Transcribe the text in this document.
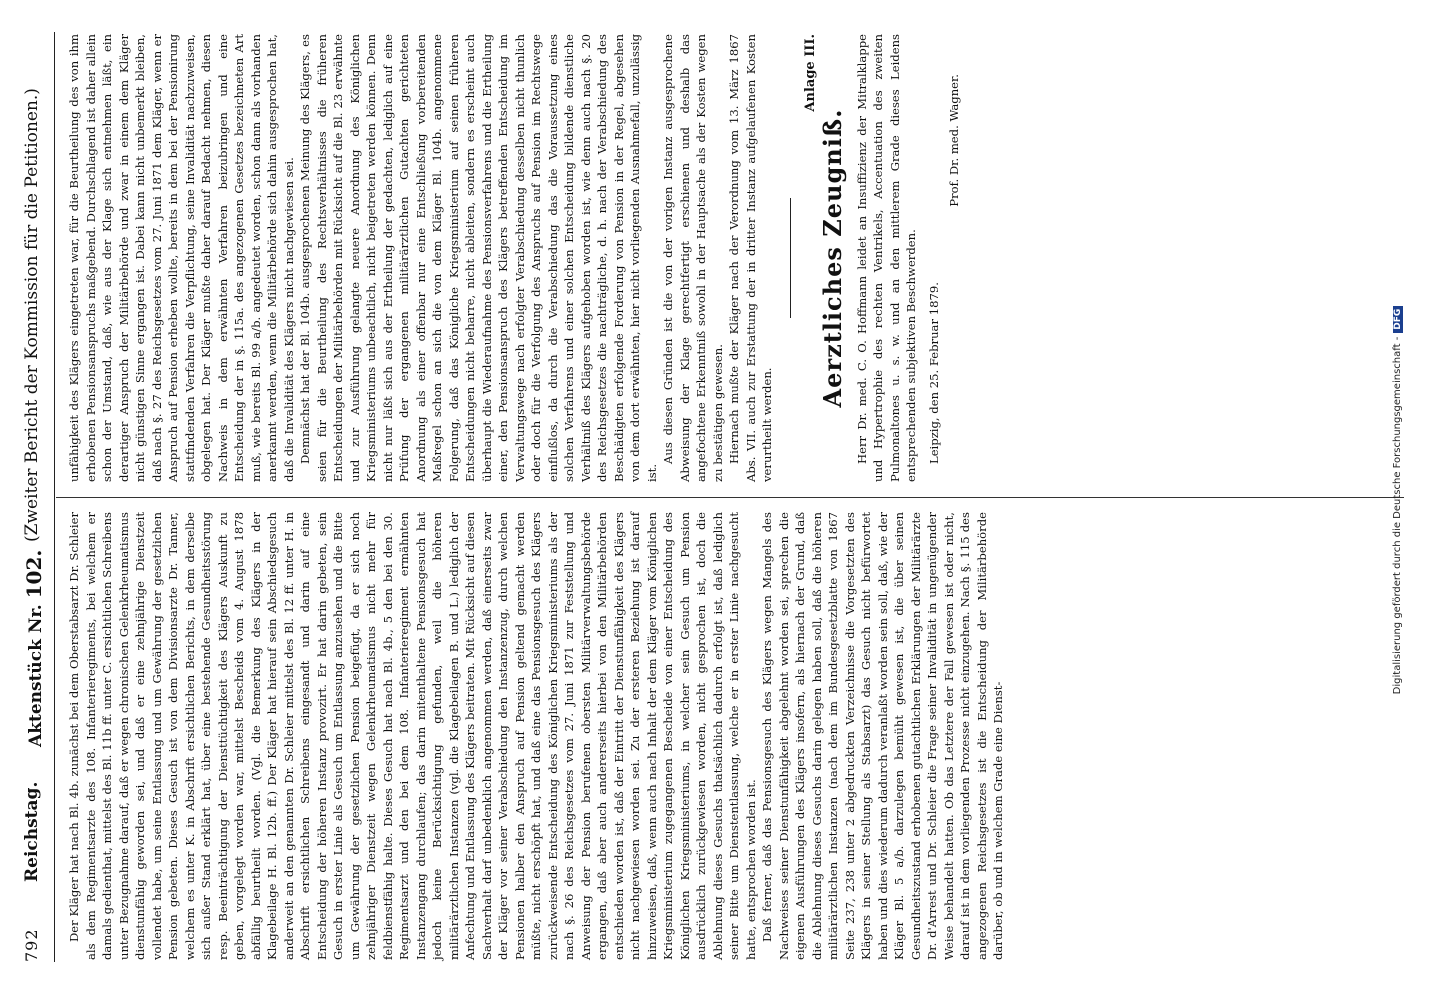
792
Reichstag.
Aktenstück Nr. 102.
(Zweiter Bericht der Kommission für die Petitionen.)

Der Kläger hat nach Bl. 4b. zunächst bei dem Oberstabsarzt Dr. Schleier als dem Regimentsarzte des 108. Infanterieregiments, bei welchem er damals gedienthat, mittelst des Bl. 11b ff. unter C. ersichtlichen Schreibens unter Bezugnahme darauf, daß er wegen chronischen Gelenkrheumatismus dienstunfähig geworden sei, und daß er eine zehnjährige Dienstzeit vollendet habe, um seine Entlassung und um Gewährung der gesetzlichen Pension gebeten. Dieses Gesuch ist von dem Divisionsarzte Dr. Tanner, welchem es unter K. in Abschrift ersichtlichen Berichts, in dem derselbe sich außer Stand erklärt hat, über eine bestehende Gesundheitsstörung resp. Beeinträchtigung der Diensttüchtigkeit des Klägers Auskunft zu geben, vorgelegt worden war, mittelst Bescheids vom 4. August 1878 abfällig beurtheilt worden. (Vgl. die Bemerkung des Klägers in der Klagebeilage H. Bl. 12b. ff.) Der Kläger hat hierauf sein Abschiedsgesuch anderweit an den genannten Dr. Schleier mittelst des Bl. 12 ff. unter H. in Abschrift ersichtlichen Schreibens eingesandt und darin auf eine Entscheidung der höheren Instanz provozirt. Er hat darin gebeten, sein Gesuch in erster Linie als Gesuch um Entlassung anzusehen und die Bitte um Gewährung der gesetzlichen Pension beigefügt, da er sich noch zehnjähriger Dienstzeit wegen Gelenkrheumatismus nicht mehr für feldbienstfähig halte. Dieses Gesuch hat nach Bl. 4b., 5 den bei den 30. Regimentsarzt und den bei dem 108. Infanterieregiment ermähnten Instanzengang durchlaufen; das darin mitenthaltene Pensionsgesuch hat jedoch keine Berücksichtigung gefunden, weil die höheren militärärztlichen Instanzen (vgl. die Klagebeilagen B. und L.) lediglich der Anfechtung und Entlassung des Klägers beitraten. Mit Rücksicht auf diesen Sachverhalt darf unbedenklich angenommen werden, daß einerseits zwar der Kläger vor seiner Verabschiedung den Instanzenzug, durch welchen Pensionen halber den Anspruch auf Pension geltend gemacht werden müßte, nicht erschöpft hat, und daß eine das Pensionsgesuch des Klägers zurückweisende Entscheidung des Königlichen Kriegsministeriums als der nach §. 26 des Reichsgesetzes vom 27. Juni 1871 zur Feststellung und Anweisung der Pension berufenen obersten Militärverwaltungsbehörde ergangen, daß aber auch andererseits hierbei von den Militärbehörden entschieden worden ist, daß der Eintritt der Dienstunfähigkeit des Klägers nicht nachgewiesen worden sei. Zu der ersteren Beziehung ist darauf hinzuweisen, daß, wenn auch nach Inhalt der dem Kläger vom Königlichen Kriegsministerium zugegangenen Bescheide von einer Entscheidung des Königlichen Kriegsministeriums, in welcher sein Gesuch um Pension ausdrücklich zurückgewiesen worden, nicht gesprochen ist, doch die Ablehnung dieses Gesuchs thatsächlich dadurch erfolgt ist, daß lediglich seiner Bitte um Dienstentlassung, welche er in erster Linie nachgesucht hatte, entsprochen worden ist. Daß ferner, daß das Pensionsgesuch des Klägers wegen Mangels des Nachweises seiner Dienstunfähigkeit abgelehnt worden sei, sprechen die eigenen Ausführungen des Klägers insofern, als hiernach der Grund, daß die Ablehnung dieses Gesuchs darin gelegen haben soll, daß die höheren militärärztlichen Instanzen (nach dem im Bundesgesetzblatte von 1867 Seite 237, 238 unter 2 abgedruckten Verzeichnisse die Vorgesetzten des Klägers in seiner Stellung als Stabsarzt) das Gesuch nicht befürwortet haben und dies wiederum dadurch veranlaßt worden sein soll, daß, wie der Kläger Bl. 5 a/b. darzulegen bemüht gewesen ist, die über seinen Gesundheitszustand erhobenen gutachtlichen Erklärungen der Militärärzte Dr. d'Arrest und Dr. Schleier die Frage seiner Invalidität in ungenügender Weise behandelt hatten. Ob das Letztere der Fall gewesen ist oder nicht, darauf ist in dem vorliegenden Prozesse nicht einzugehen. Nach §. 115 des angezogenen Reichsgesetzes ist die Entscheidung der Militärbehörde darüber, ob und in welchem Grade eine Dienst-

unfähigkeit des Klägers eingetreten war, für die Beurtheilung des von ihm erhobenen Pensionsanspruchs maßgebend. Durchschlagend ist daher allein schon der Umstand, daß, wie aus der Klage sich entnehmen läßt, ein derartiger Anspruch der Militärbehörde und zwar in einem dem Kläger nicht günstigen Sinne ergangen ist. Dabei kann nicht unbemerkt bleiben, daß nach §. 27 des Reichsgesetzes vom 27. Juni 1871 dem Kläger, wenn er Anspruch auf Pension erheben wollte, bereits in dem bei der Pensionirung stattfindenden Verfahren die Verpflichtung, seine Invalidität nachzuweisen, obgelegen hat. Der Kläger mußte daher darauf Bedacht nehmen, diesen Nachweis in dem erwähnten Verfahren beizubringen und eine Entscheidung der in §. 115a. des angezogenen Gesetzes bezeichneten Art muß, wie bereits Bl. 99 a/b. angedeutet worden, schon dann als vorhanden anerkannt werden, wenn die Militärbehörde sich dahin ausgesprochen hat, daß die Invalidität des Klägers nicht nachgewiesen sei. Demnächst hat der Bl. 104b. ausgesprochenen Meinung des Klägers, es seien für die Beurtheilung des Rechtsverhältnisses die früheren Entscheidungen der Militärbehörden mit Rücksicht auf die Bl. 23 erwähnte und zur Ausführung gelangte neuere Anordnung des Königlichen Kriegsministeriums unbeachtlich, nicht beigetreten werden können. Denn nicht nur läßt sich aus der Ertheilung der gedachten, lediglich auf eine Prüfung der ergangenen militärärztlichen Gutachten gerichteten Anordnung als einer offenbar nur eine Entschließung vorbereitenden Maßregel schon an sich die von dem Kläger Bl. 104b. angenommene Folgerung, daß das Königliche Kriegsministerium auf seinen früheren Entscheidungen nicht beharre, nicht ableiten, sondern es erscheint auch überhaupt die Wiederaufnahme des Pensionsverfahrens und die Ertheilung einer, den Pensionsanspruch des Klägers betreffenden Entscheidung im Verwaltungswege nach erfolgter Verabschiedung desselben nicht thunlich oder doch für die Verfolgung des Anspruchs auf Pension im Rechtswege einflußlos, da durch die Verabschiedung das die Voraussetzung eines solchen Verfahrens und einer solchen Entscheidung bildende dienstliche Verhältniß des Klägers aufgehoben worden ist, wie denn auch nach §. 20 des Reichsgesetzes die nachträgliche, d. h. nach der Verabschiedung des Beschädigten erfolgende Forderung von Pension in der Regel, abgesehen von dem dort erwähnten, hier nicht vorliegenden Ausnahmefall, unzulässig ist.

Aus diesen Gründen ist die von der vorigen Instanz ausgesprochene Abweisung der Klage gerechtfertigt erschienen und deshalb das angefochtene Erkenntniß sowohl in der Hauptsache als der Kosten wegen zu bestätigen gewesen. Hiernach mußte der Kläger nach der Verordnung vom 13. März 1867 Abs. VII. auch zur Erstattung der in dritter Instanz aufgelaufenen Kosten verurtheilt werden.

Anlage III.
Aerztliches Zeugniß. Herr Dr. med. C. O. Hoffmann leidet an Insuffizienz der Mitralklappe und Hypertrophie des rechten Ventrikels, Accentuation des zweiten Pulmonaltones u. s. w. und an den mittlerem Grade dieses Leidens entsprechenden subjektiven Beschwerden. Leipzig, den 25. Februar 1879.
Prof. Dr. med. Wagner.
Digitalisierung gefördert durch die Deutsche Forschungsgemeinschaft -DFG
